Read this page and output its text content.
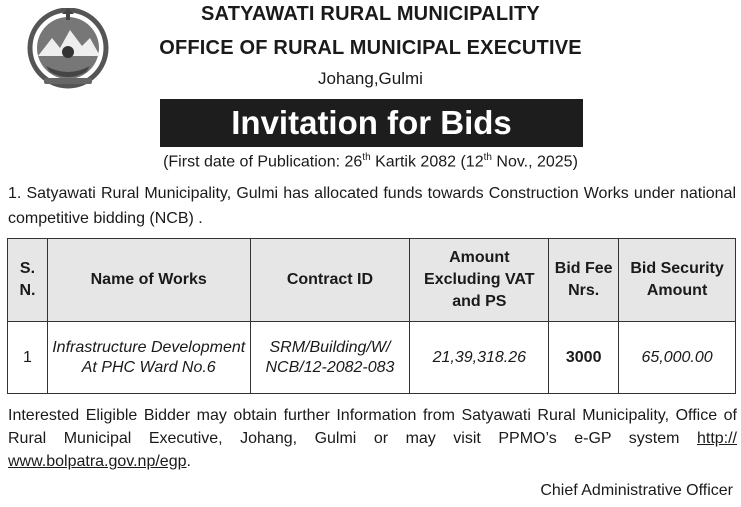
SATYAWATI RURAL MUNICIPALITY
OFFICE OF RURAL MUNICIPAL EXECUTIVE
Johang,Gulmi
Invitation for Bids
(First date of Publication: 26th Kartik 2082 (12th Nov., 2025)
1. Satyawati Rural Municipality, Gulmi has allocated funds towards Construction Works under national competitive bidding (NCB) .
S.
N.	Name of Works	Contract ID	Amount Excluding VAT and PS	Bid Fee Nrs.	Bid Security Amount
1	Infrastructure Development At PHC Ward No.6	SRM/Building/W/ NCB/12-2082-083	21,39,318.26	3000	65,000.00
Interested Eligible Bidder may obtain further Information from Satyawati Rural Municipality, Office of Rural Municipal Executive, Johang, Gulmi or may visit PPMO’s e-GP system http:// www.bolpatra.gov.np/egp.
Chief Administrative Officer
